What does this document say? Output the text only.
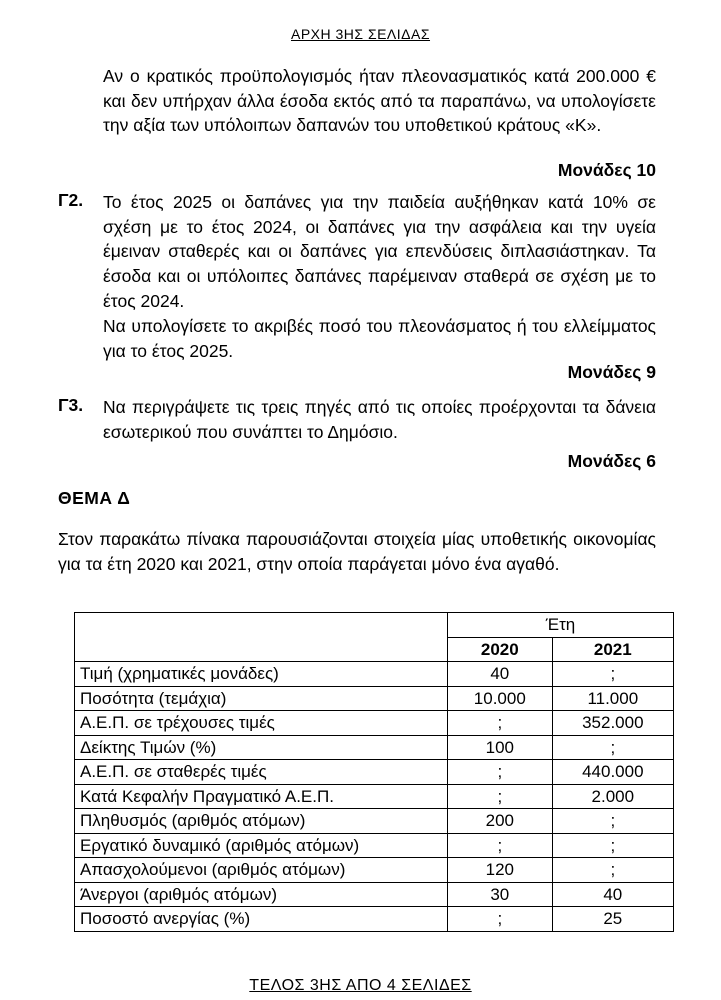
ΑΡΧΗ 3ΗΣ ΣΕΛΙΔΑΣ
Αν ο κρατικός προϋπολογισμός ήταν πλεονασματικός κατά 200.000 € και δεν υπήρχαν άλλα έσοδα εκτός από τα παραπάνω, να υπολογίσετε την αξία των υπόλοιπων δαπανών του υποθετικού κράτους «Κ».
Μονάδες 10
Γ2. Το έτος 2025 οι δαπάνες για την παιδεία αυξήθηκαν κατά 10% σε σχέση με το έτος 2024, οι δαπάνες για την ασφάλεια και την υγεία έμειναν σταθερές και οι δαπάνες για επενδύσεις διπλασιάστηκαν. Τα έσοδα και οι υπόλοιπες δαπάνες παρέμειναν σταθερά σε σχέση με το έτος 2024.
Να υπολογίσετε το ακριβές ποσό του πλεονάσματος ή του ελλείμματος για το έτος 2025.
Μονάδες 9
Γ3. Να περιγράψετε τις τρεις πηγές από τις οποίες προέρχονται τα δάνεια εσωτερικού που συνάπτει το Δημόσιο.
Μονάδες 6
ΘΕΜΑ Δ
Στον παρακάτω πίνακα παρουσιάζονται στοιχεία μίας υποθετικής οικονομίας για τα έτη 2020 και 2021, στην οποία παράγεται μόνο ένα αγαθό.
	Έτη	
	2020	2021
Τιμή (χρηματικές μονάδες)	40	;
Ποσότητα (τεμάχια)	10.000	11.000
Α.Ε.Π. σε τρέχουσες τιμές	;	352.000
Δείκτης Τιμών (%)	100	;
Α.Ε.Π. σε σταθερές τιμές	;	440.000
Κατά Κεφαλήν Πραγματικό Α.Ε.Π.	;	2.000
Πληθυσμός (αριθμός ατόμων)	200	;
Εργατικό δυναμικό (αριθμός ατόμων)	;	;
Απασχολούμενοι (αριθμός ατόμων)	120	;
Άνεργοι (αριθμός ατόμων)	30	40
Ποσοστό ανεργίας (%)	;	25
ΤΕΛΟΣ 3ΗΣ ΑΠΟ 4 ΣΕΛΙΔΕΣ
